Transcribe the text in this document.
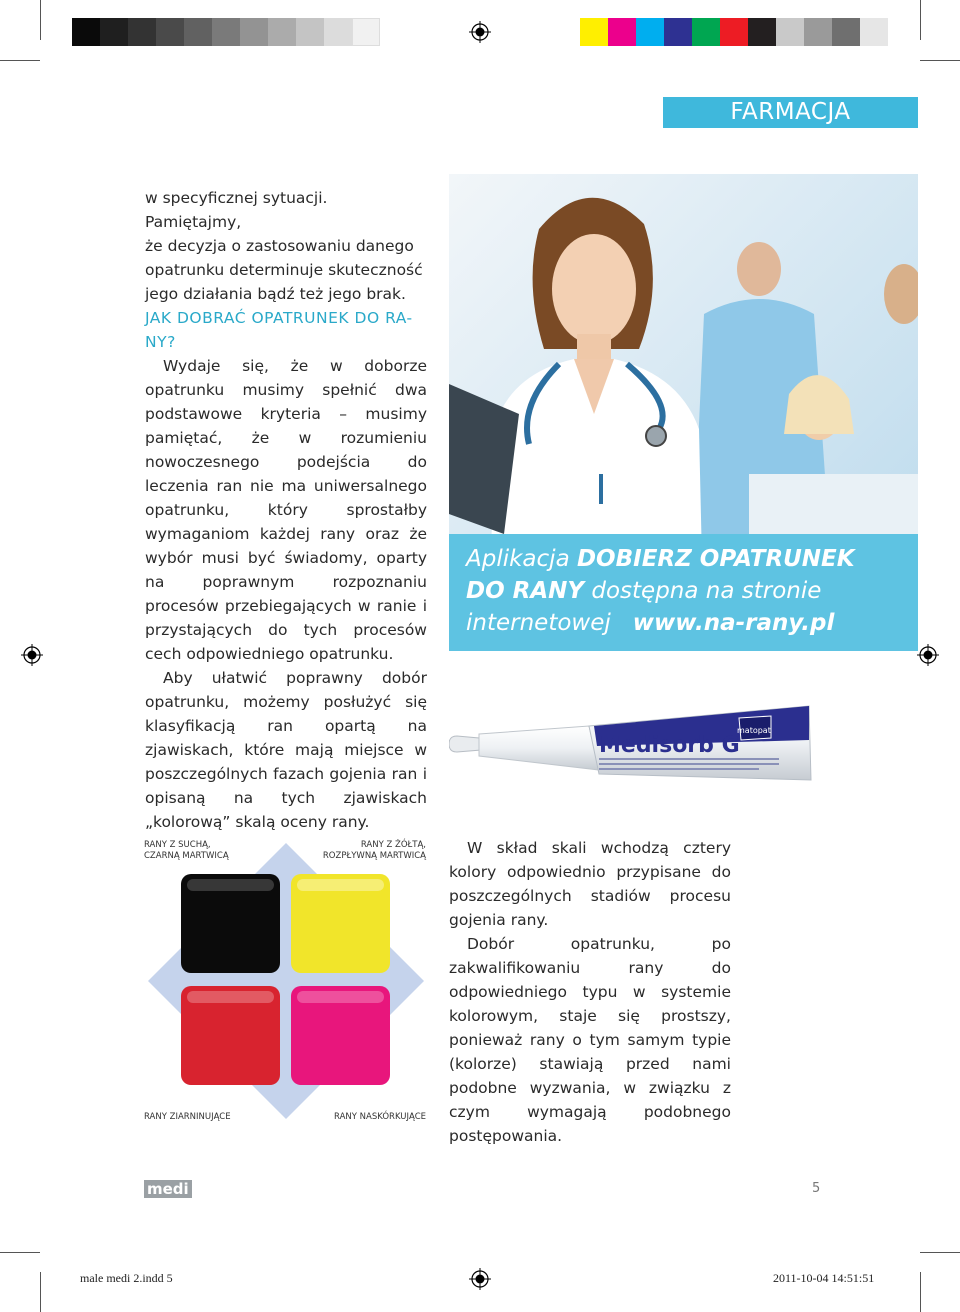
FARMACJA
w specyficznej sytuacji. Pamiętajmy,
że decyzja o zastosowaniu danego
opatrunku determinuje skuteczność
jego działania bądź też jego brak.
JAK DOBRAĆ OPATRUNEK DO RA-
NY?

Wydaje się, że w doborze opatrunku musimy spełnić dwa podstawowe kryteria – musimy pamiętać, że w rozumieniu nowoczesnego podejścia do leczenia ran nie ma uniwersalnego opatrunku, który sprostałby wymaganiom każdej rany oraz że wybór musi być świadomy, oparty na poprawnym rozpoznaniu procesów przebiegających w ranie i przystających do tych procesów cech odpowiedniego opatrunku.

Aby ułatwić poprawny dobór opatrunku, możemy posłużyć się klasyfikacją ran opartą na zjawiskach, które mają miejsce w poszczególnych fazach gojenia ran i opisaną na tych zjawiskach „kolorową” skalą oceny rany.

Aplikacja DOBIERZ OPATRUNEK
DO RANY dostępna na stronie
internetowej www.na-rany.pl
Medisorb G
matopat
RANY Z SUCHĄ,
CZARNĄ MARTWICĄ
RANY Z ŻÓŁTĄ,
ROZPŁYWNĄ MARTWICĄ
RANY ZIARNINUJĄCE	RANY NASKÓRKUJĄCE

W skład skali wchodzą cztery kolory odpowiednio przypisane do poszczególnych stadiów procesu gojenia rany.

Dobór opatrunku, po zakwalifikowaniu rany do odpowiedniego typu w systemie kolorowym, staje się prostszy, ponieważ rany o tym samym typie (kolorze) stawiają przed nami podobne wyzwania, w związku z czym wymagają podobnego postępowania.

medi	5
male medi 2.indd 5	2011-10-04 14:51:51
